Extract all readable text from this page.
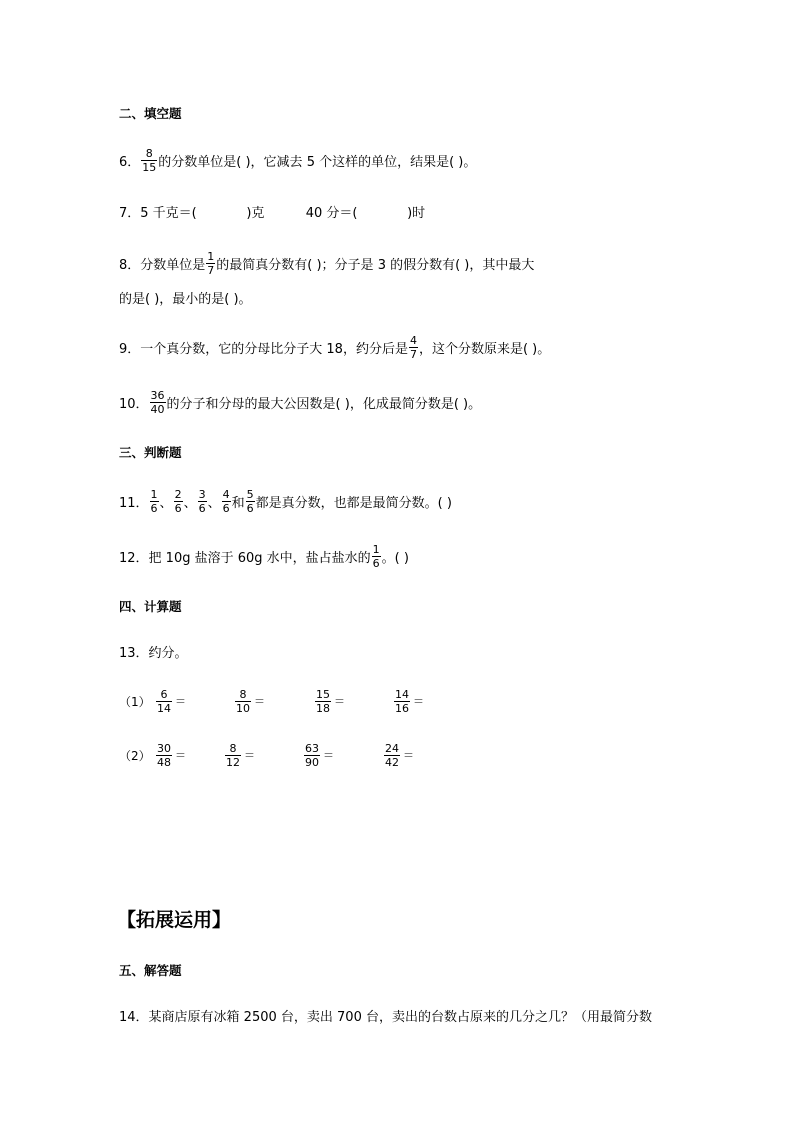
二、填空题
6． $\frac{8}{15}$ 的分数单位是( )，它减去 5 个这样的单位，结果是( )。
7．5 千克＝(            )克          40 分＝(            )时
8．分数单位是 $\frac{1}{7}$ 的最简真分数有( )；分子是 3 的假分数有( )，其中最大
的是( )，最小的是( )。
9．一个真分数，它的分母比分子大 18，约分后是 $\frac{4}{7}$ ，这个分数原来是( )。
10． $\frac{36}{40}$ 的分子和分母的最大公因数是( )，化成最简分数是( )。
三、判断题
11． $\frac{1}{6}$ 、 $\frac{2}{6}$ 、 $\frac{3}{6}$ 、 $\frac{4}{6}$ 和 $\frac{5}{6}$ 都是真分数，也都是最简分数。( )
12．把 10g 盐溶于 60g 水中，盐占盐水的 $\frac{1}{6}$ 。( )
四、计算题
13．约分。
$(1) \frac{6}{14}$ ＝	$\frac{8}{10}$ ＝	$\frac{15}{18}$ ＝	$\frac{14}{16}$ ＝
$(2) \frac{30}{48}$ ＝	$\frac{8}{12}$ ＝	$\frac{63}{90}$ ＝	$\frac{24}{42}$ ＝
【拓展运用】
五、解答题
14．某商店原有冰箱 2500 台，卖出 700 台，卖出的台数占原来的几分之几？（用最简分数
